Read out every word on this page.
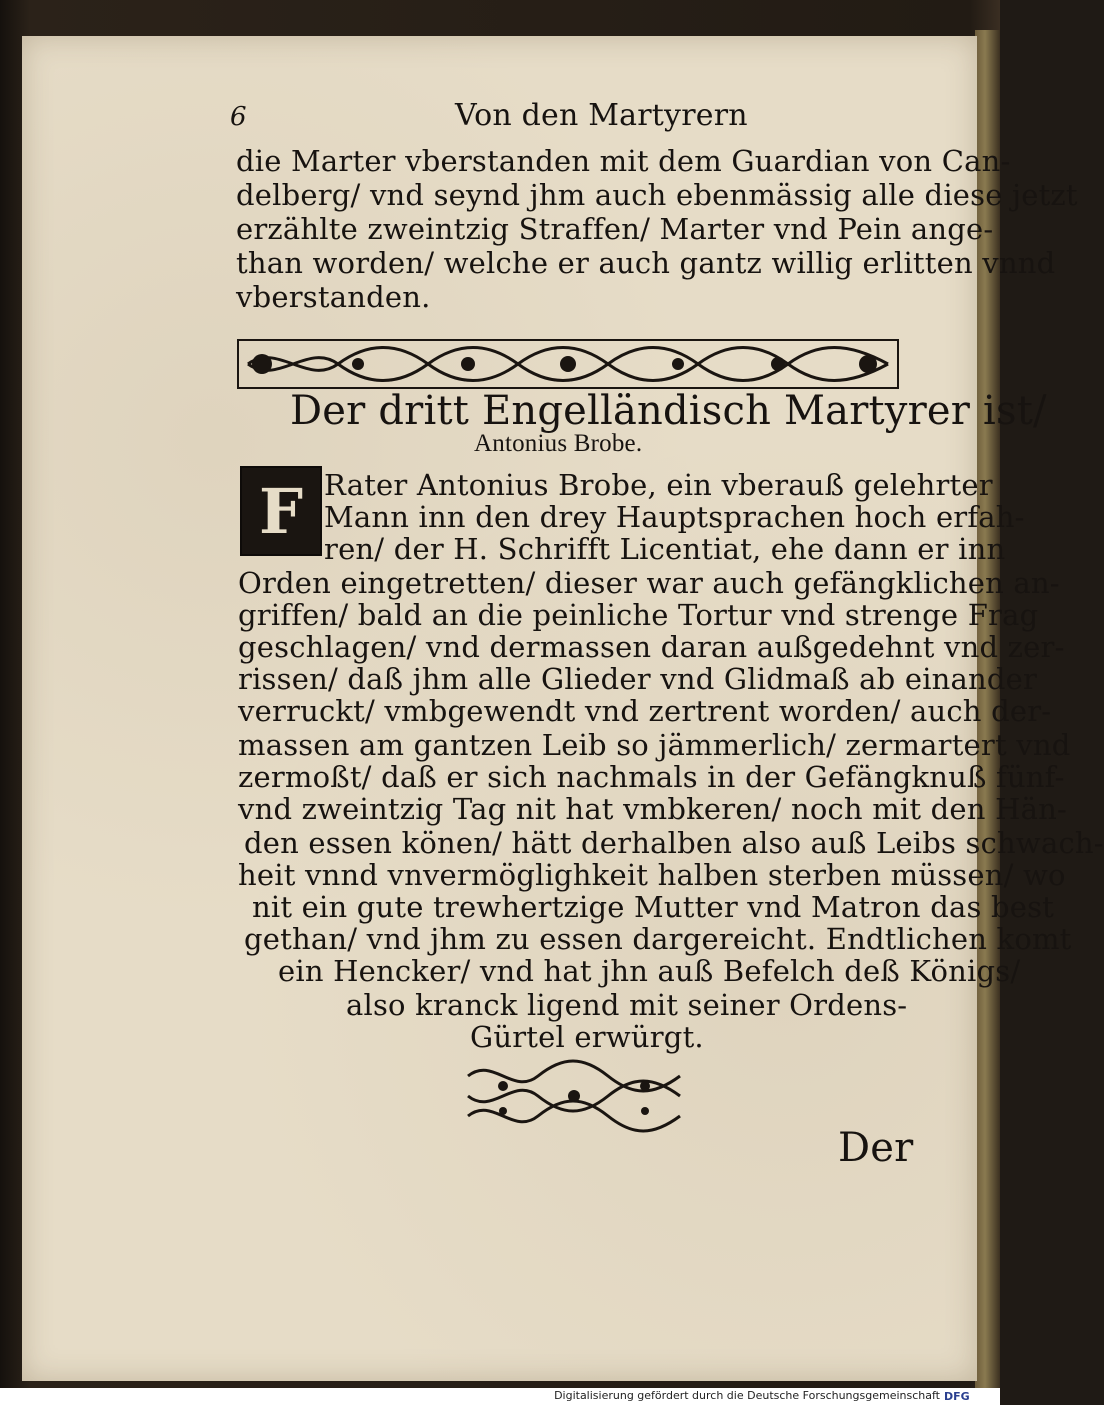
6	Von den Martyrern
die Marter vberstanden mit dem Guardian von Can-
delberg/ vnd seynd jhm auch ebenmässig alle diese jetzt
erzählte zweintzig Straffen/ Marter vnd Pein ange-
than worden/ welche er auch gantz willig erlitten vnnd
Der dritt Engelländisch Martyrer ist/
Antonius Brobe.
F Rater Antonius Brobe, ein vberauß gelehrter
Mann inn den drey Hauptsprachen hoch erfah-
ren/ der H. Schrifft Licentiat, ehe dann er inn
Orden eingetretten/ dieser war auch gefängklichen an-
griffen/ bald an die peinliche Tortur vnd strenge Frag
geschlagen/ vnd dermassen daran außgedehnt vnd zer-
rissen/ daß jhm alle Glieder vnd Glidmaß ab einander
verruckt/ vmbgewendt vnd zertrent worden/ auch der-
massen am gantzen Leib so jämmerlich/ zermartert vnd
zermoßt/ daß er sich nachmals in der Gefängknuß fünf-
vnd zweintzig Tag nit hat vmbkeren/ noch mit den Hän-
den essen könen/ hätt derhalben also auß Leibs schwach-
heit vnnd vnvermöglighkeit halben sterben müssen/ wo
nit ein gute trewhertzige Mutter vnd Matron das best
gethan/ vnd jhm zu essen dargereicht. Endtlichen komt
ein Hencker/ vnd hat jhn auß Befelch deß Königs/
also kranck ligend mit seiner Ordens-
Gürtel erwürgt.
Der
Digitalisierung gefördert durch die Deutsche Forschungsgemeinschaft DFG
vberstanden.
